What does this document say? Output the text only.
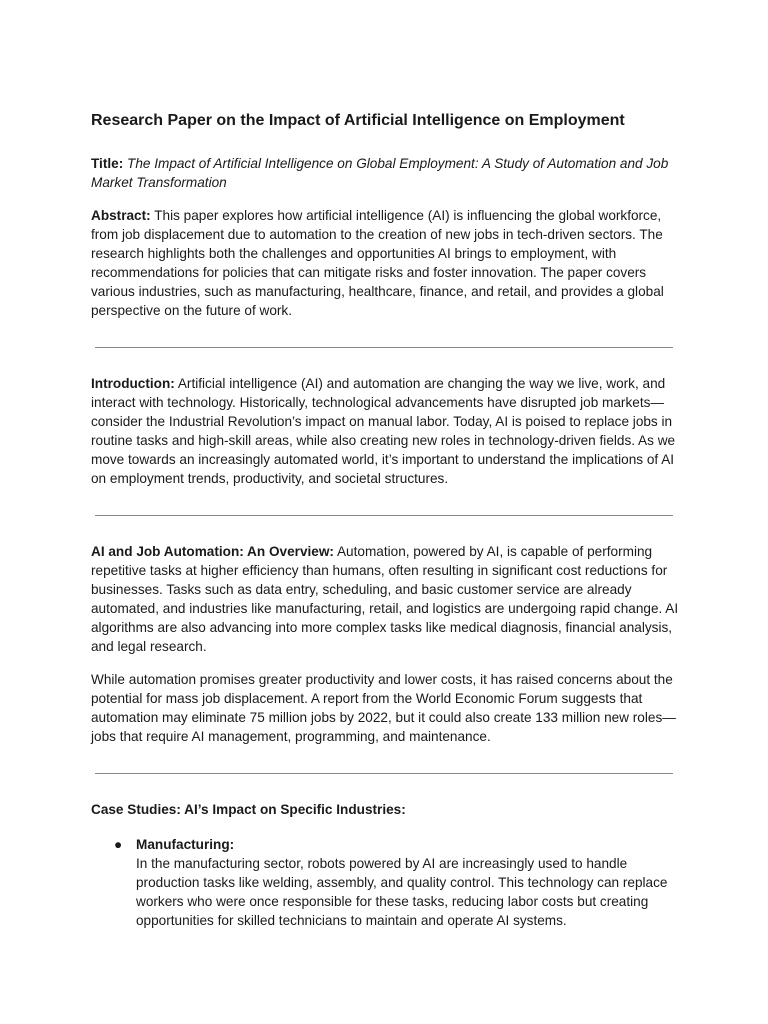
Research Paper on the Impact of Artificial Intelligence on Employment

Title: The Impact of Artificial Intelligence on Global Employment: A Study of Automation and Job Market Transformation

Abstract: This paper explores how artificial intelligence (AI) is influencing the global workforce, from job displacement due to automation to the creation of new jobs in tech-driven sectors. The research highlights both the challenges and opportunities AI brings to employment, with recommendations for policies that can mitigate risks and foster innovation. The paper covers various industries, such as manufacturing, healthcare, finance, and retail, and provides a global perspective on the future of work.

Introduction: Artificial intelligence (AI) and automation are changing the way we live, work, and interact with technology. Historically, technological advancements have disrupted job markets—consider the Industrial Revolution’s impact on manual labor. Today, AI is poised to replace jobs in routine tasks and high-skill areas, while also creating new roles in technology-driven fields. As we move towards an increasingly automated world, it’s important to understand the implications of AI on employment trends, productivity, and societal structures.

AI and Job Automation: An Overview: Automation, powered by AI, is capable of performing repetitive tasks at higher efficiency than humans, often resulting in significant cost reductions for businesses. Tasks such as data entry, scheduling, and basic customer service are already automated, and industries like manufacturing, retail, and logistics are undergoing rapid change. AI algorithms are also advancing into more complex tasks like medical diagnosis, financial analysis, and legal research.

While automation promises greater productivity and lower costs, it has raised concerns about the potential for mass job displacement. A report from the World Economic Forum suggests that automation may eliminate 75 million jobs by 2022, but it could also create 133 million new roles—jobs that require AI management, programming, and maintenance.

Case Studies: AI’s Impact on Specific Industries:
● Manufacturing:
In the manufacturing sector, robots powered by AI are increasingly used to handle production tasks like welding, assembly, and quality control. This technology can replace workers who were once responsible for these tasks, reducing labor costs but creating opportunities for skilled technicians to maintain and operate AI systems.
